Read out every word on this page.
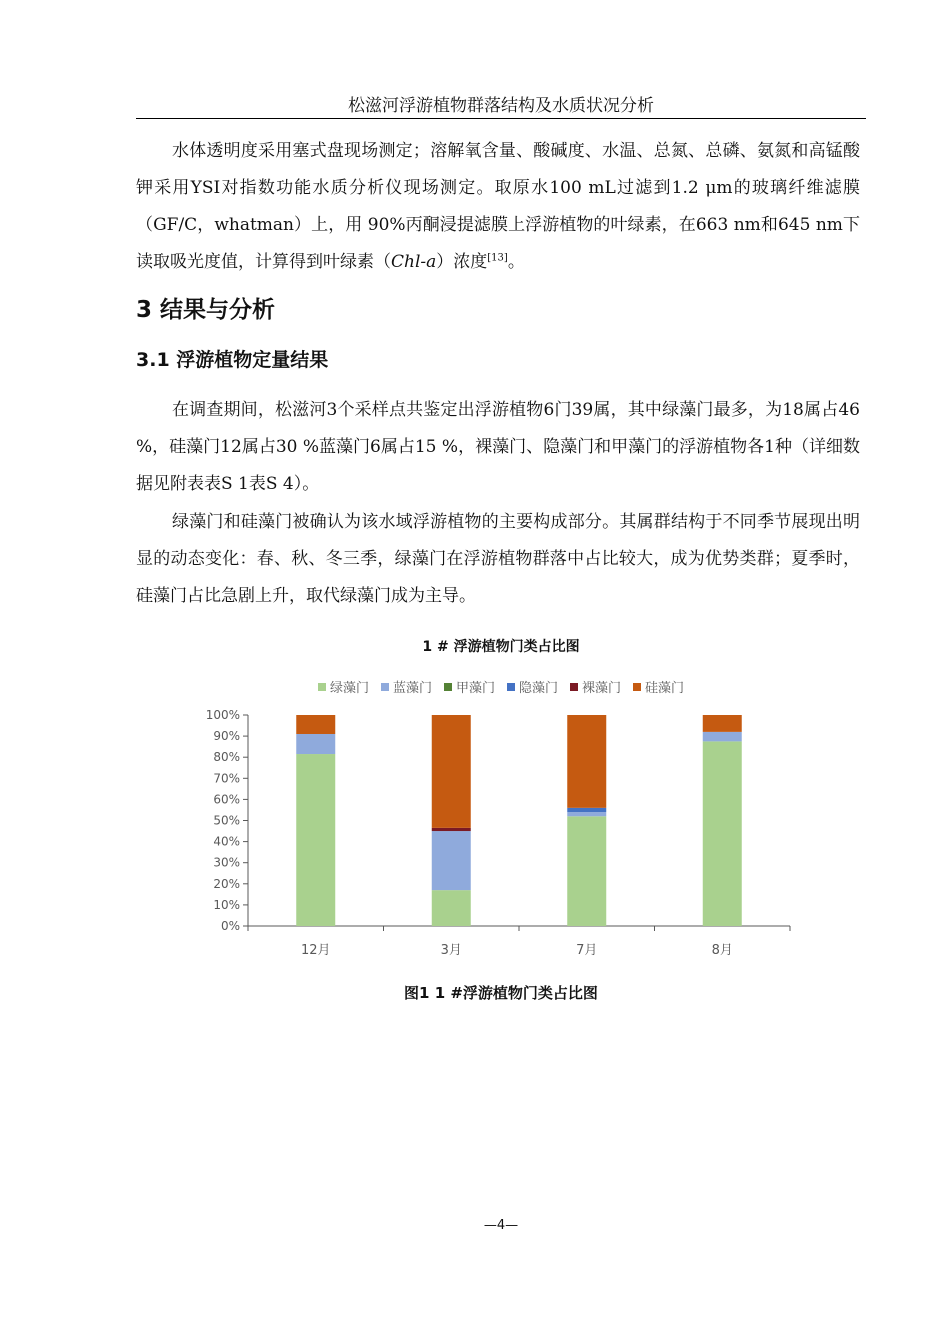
松滋河浮游植物群落结构及水质状况分析

水体透明度采用塞式盘现场测定；溶解氧含量、酸碱度、水温、总氮、总磷、氨氮和高锰酸钾采用YSI对指数功能水质分析仪现场测定。取原水100 mL过滤到1.2 μm的玻璃纤维滤膜（GF/C，whatman）上，用 90%丙酮浸提滤膜上浮游植物的叶绿素，在663 nm和645 nm下读取吸光度值，计算得到叶绿素（Chl-a）浓度[13]。

3 结果与分析
3.1 浮游植物定量结果

在调查期间，松滋河3个采样点共鉴定出浮游植物6门39属，其中绿藻门最多，为18属占46 %，硅藻门12属占30 %蓝藻门6属占15 %，裸藻门、隐藻门和甲藻门的浮游植物各1种（详细数据见附表表S 1表S 4）。

绿藻门和硅藻门被确认为该水域浮游植物的主要构成部分。其属群结构于不同季节展现出明显的动态变化：春、秋、冬三季，绿藻门在浮游植物群落中占比较大，成为优势类群；夏季时，硅藻门占比急剧上升，取代绿藻门成为主导。

1 # 浮游植物门类占比图
绿藻门 蓝藻门 甲藻门 隐藻门 裸藻门 硅藻门
0%
10%
20%
30%
40%
50%
60%
70%
80%
90%
100%
12月	3月	7月	8月
图1 1 #浮游植物门类占比图
—4—
